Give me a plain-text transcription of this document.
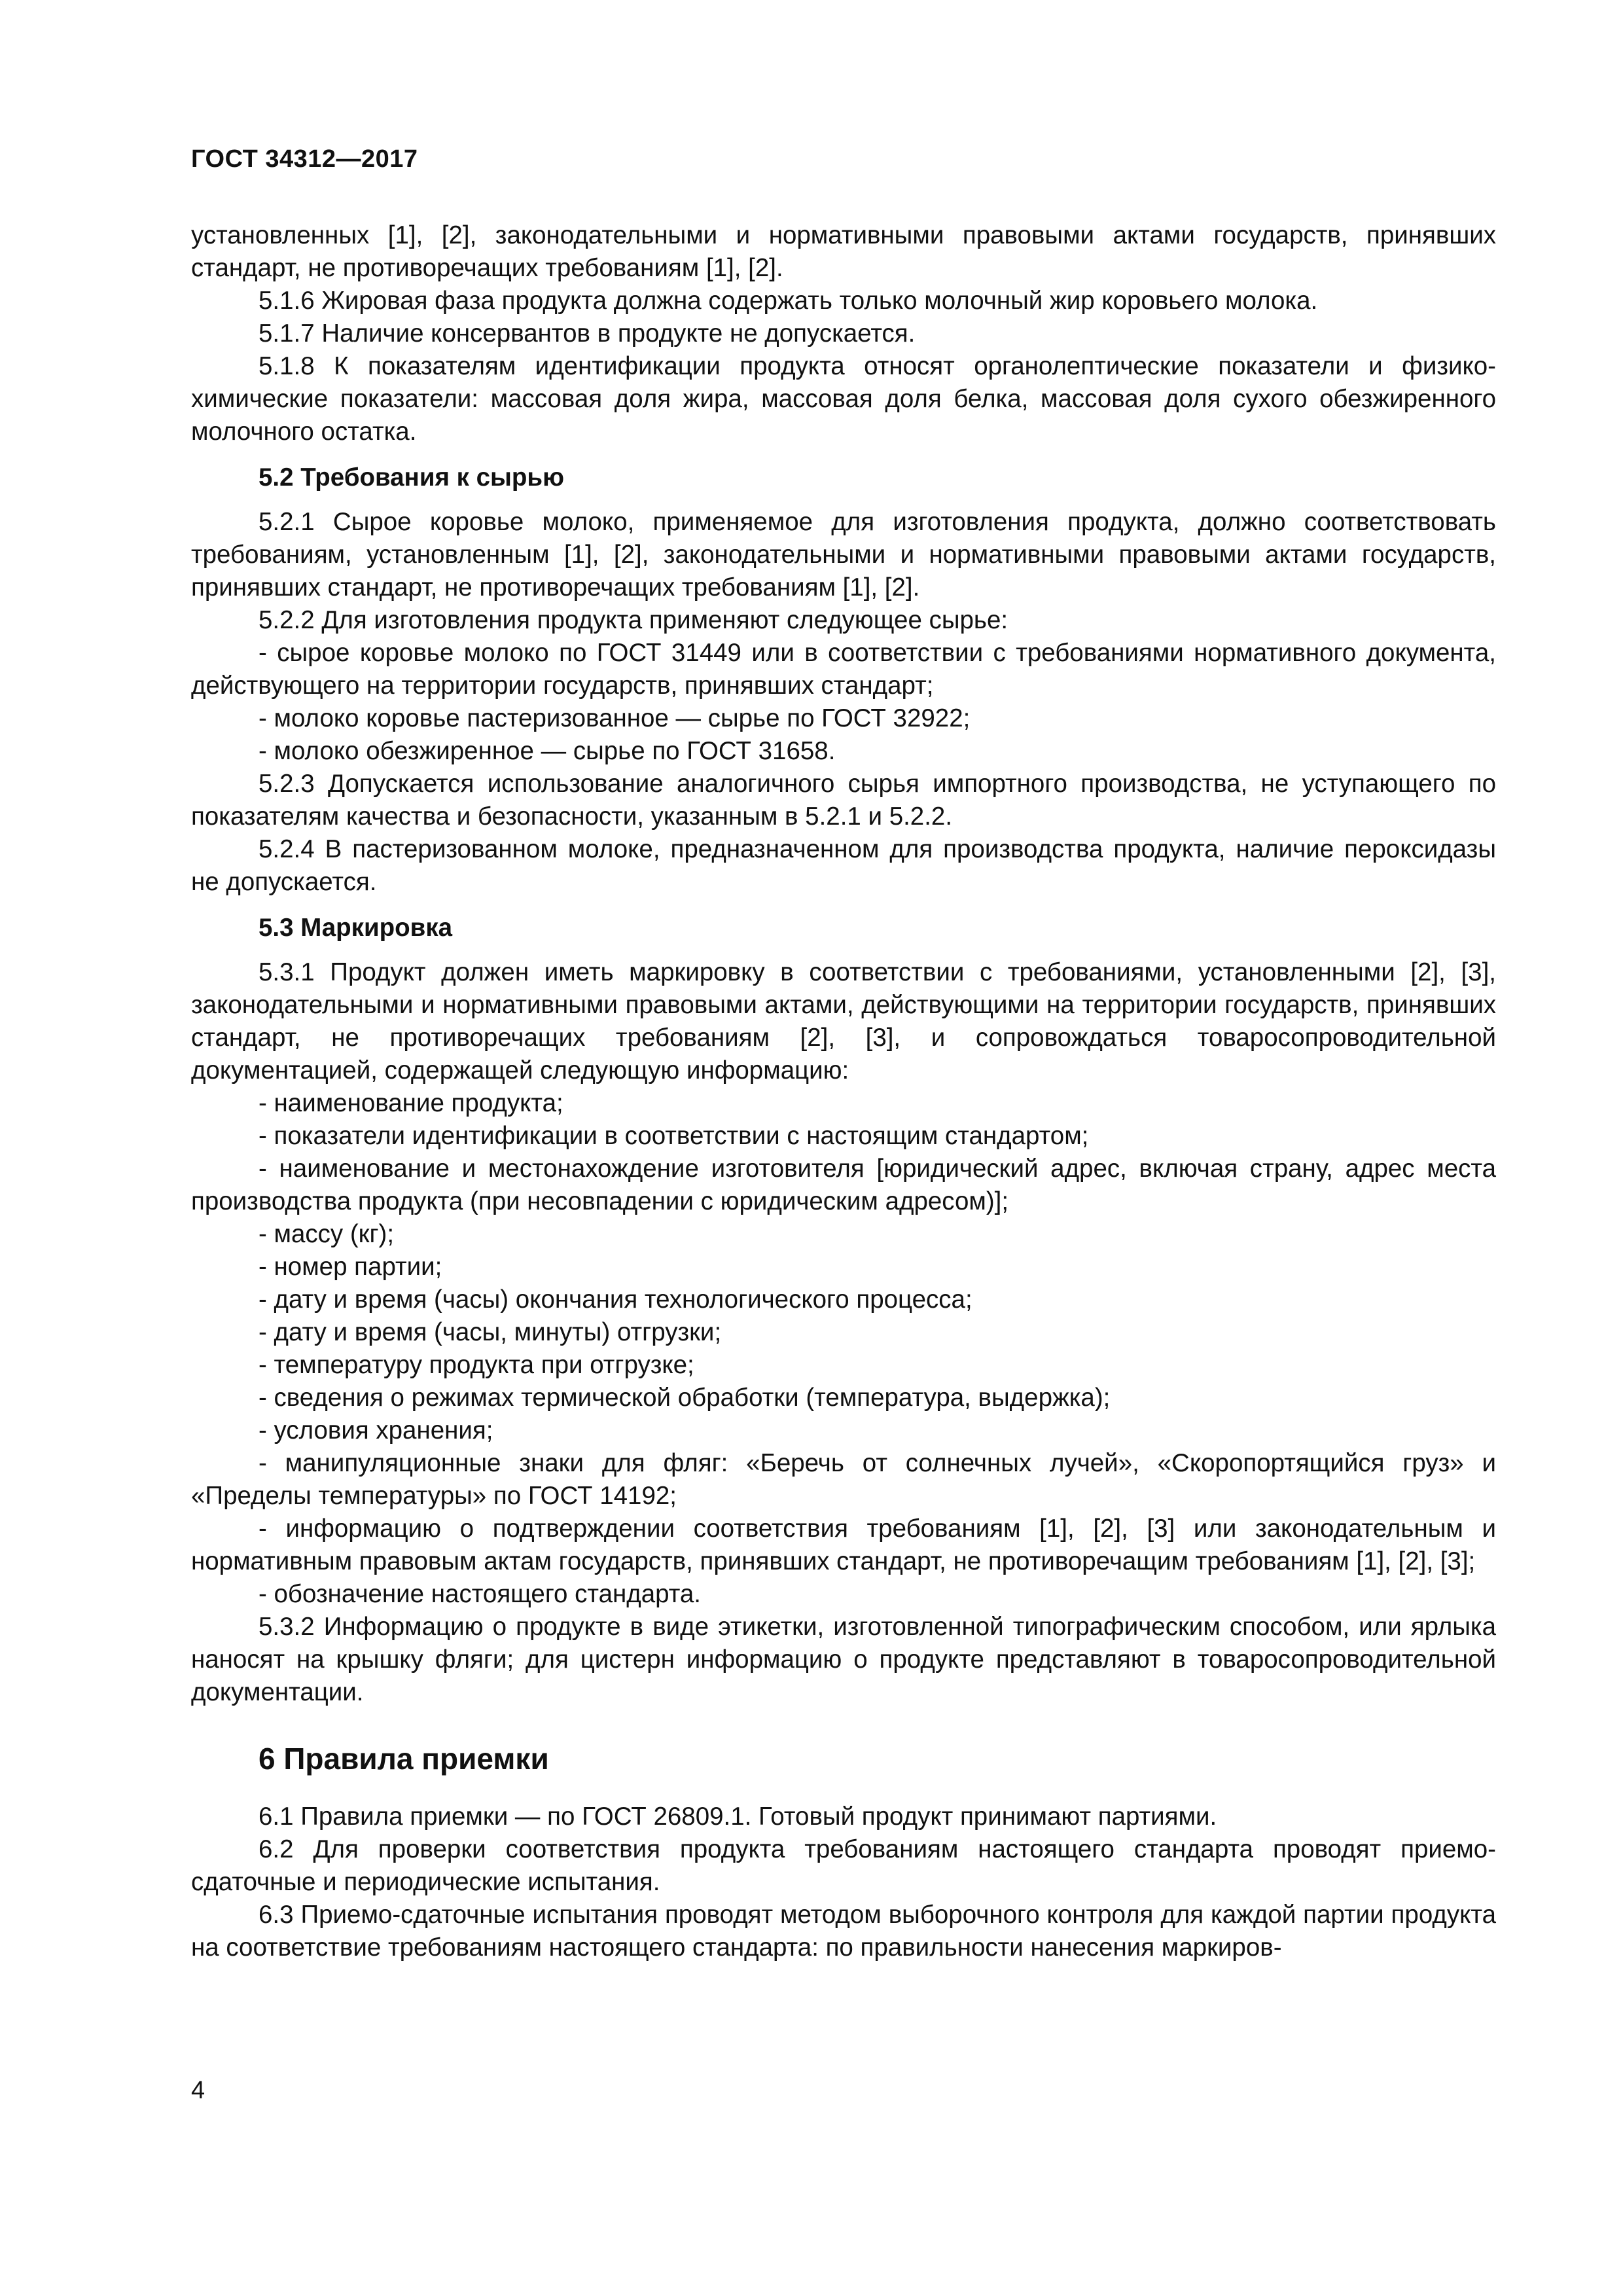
ГОСТ 34312—2017

установленных [1], [2], законодательными и нормативными правовыми актами государств, принявших стандарт, не противоречащих требованиям [1], [2].

5.1.6 Жировая фаза продукта должна содержать только молочный жир коровьего молока.

5.1.7 Наличие консервантов в продукте не допускается.

5.1.8 К показателям идентификации продукта относят органолептические показатели и физико-химические показатели: массовая доля жира, массовая доля белка, массовая доля сухого обезжиренного молочного остатка.

5.2 Требования к сырью

5.2.1 Сырое коровье молоко, применяемое для изготовления продукта, должно соответствовать требованиям, установленным [1], [2], законодательными и нормативными правовыми актами государств, принявших стандарт, не противоречащих требованиям [1], [2].

5.2.2 Для изготовления продукта применяют следующее сырье:

- сырое коровье молоко по ГОСТ 31449 или в соответствии с требованиями нормативного документа, действующего на территории государств, принявших стандарт;

- молоко коровье пастеризованное — сырье по ГОСТ 32922;

- молоко обезжиренное — сырье по ГОСТ 31658.

5.2.3 Допускается использование аналогичного сырья импортного производства, не уступающего по показателям качества и безопасности, указанным в 5.2.1 и 5.2.2.

5.2.4 В пастеризованном молоке, предназначенном для производства продукта, наличие пероксидазы не допускается.

5.3 Маркировка

5.3.1 Продукт должен иметь маркировку в соответствии с требованиями, установленными [2], [3], законодательными и нормативными правовыми актами, действующими на территории государств, принявших стандарт, не противоречащих требованиям [2], [3], и сопровождаться товаросопроводительной документацией, содержащей следующую информацию:

- наименование продукта;

- показатели идентификации в соответствии с настоящим стандартом;

- наименование и местонахождение изготовителя [юридический адрес, включая страну, адрес места производства продукта (при несовпадении с юридическим адресом)];

- массу (кг);

- номер партии;

- дату и время (часы) окончания технологического процесса;

- дату и время (часы, минуты) отгрузки;

- температуру продукта при отгрузке;

- сведения о режимах термической обработки (температура, выдержка);

- условия хранения;

- манипуляционные знаки для фляг: «Беречь от солнечных лучей», «Скоропортящийся груз» и «Пределы температуры» по ГОСТ 14192;

- информацию о подтверждении соответствия требованиям [1], [2], [3] или законодательным и нормативным правовым актам государств, принявших стандарт, не противоречащим требованиям [1], [2], [3];

- обозначение настоящего стандарта.

5.3.2 Информацию о продукте в виде этикетки, изготовленной типографическим способом, или ярлыка наносят на крышку фляги; для цистерн информацию о продукте представляют в товаросопроводительной документации.

6 Правила приемки

6.1 Правила приемки — по ГОСТ 26809.1. Готовый продукт принимают партиями.

6.2 Для проверки соответствия продукта требованиям настоящего стандарта проводят приемо-сдаточные и периодические испытания.

6.3 Приемо-сдаточные испытания проводят методом выборочного контроля для каждой партии продукта на соответствие требованиям настоящего стандарта: по правильности нанесения маркиров-

4
